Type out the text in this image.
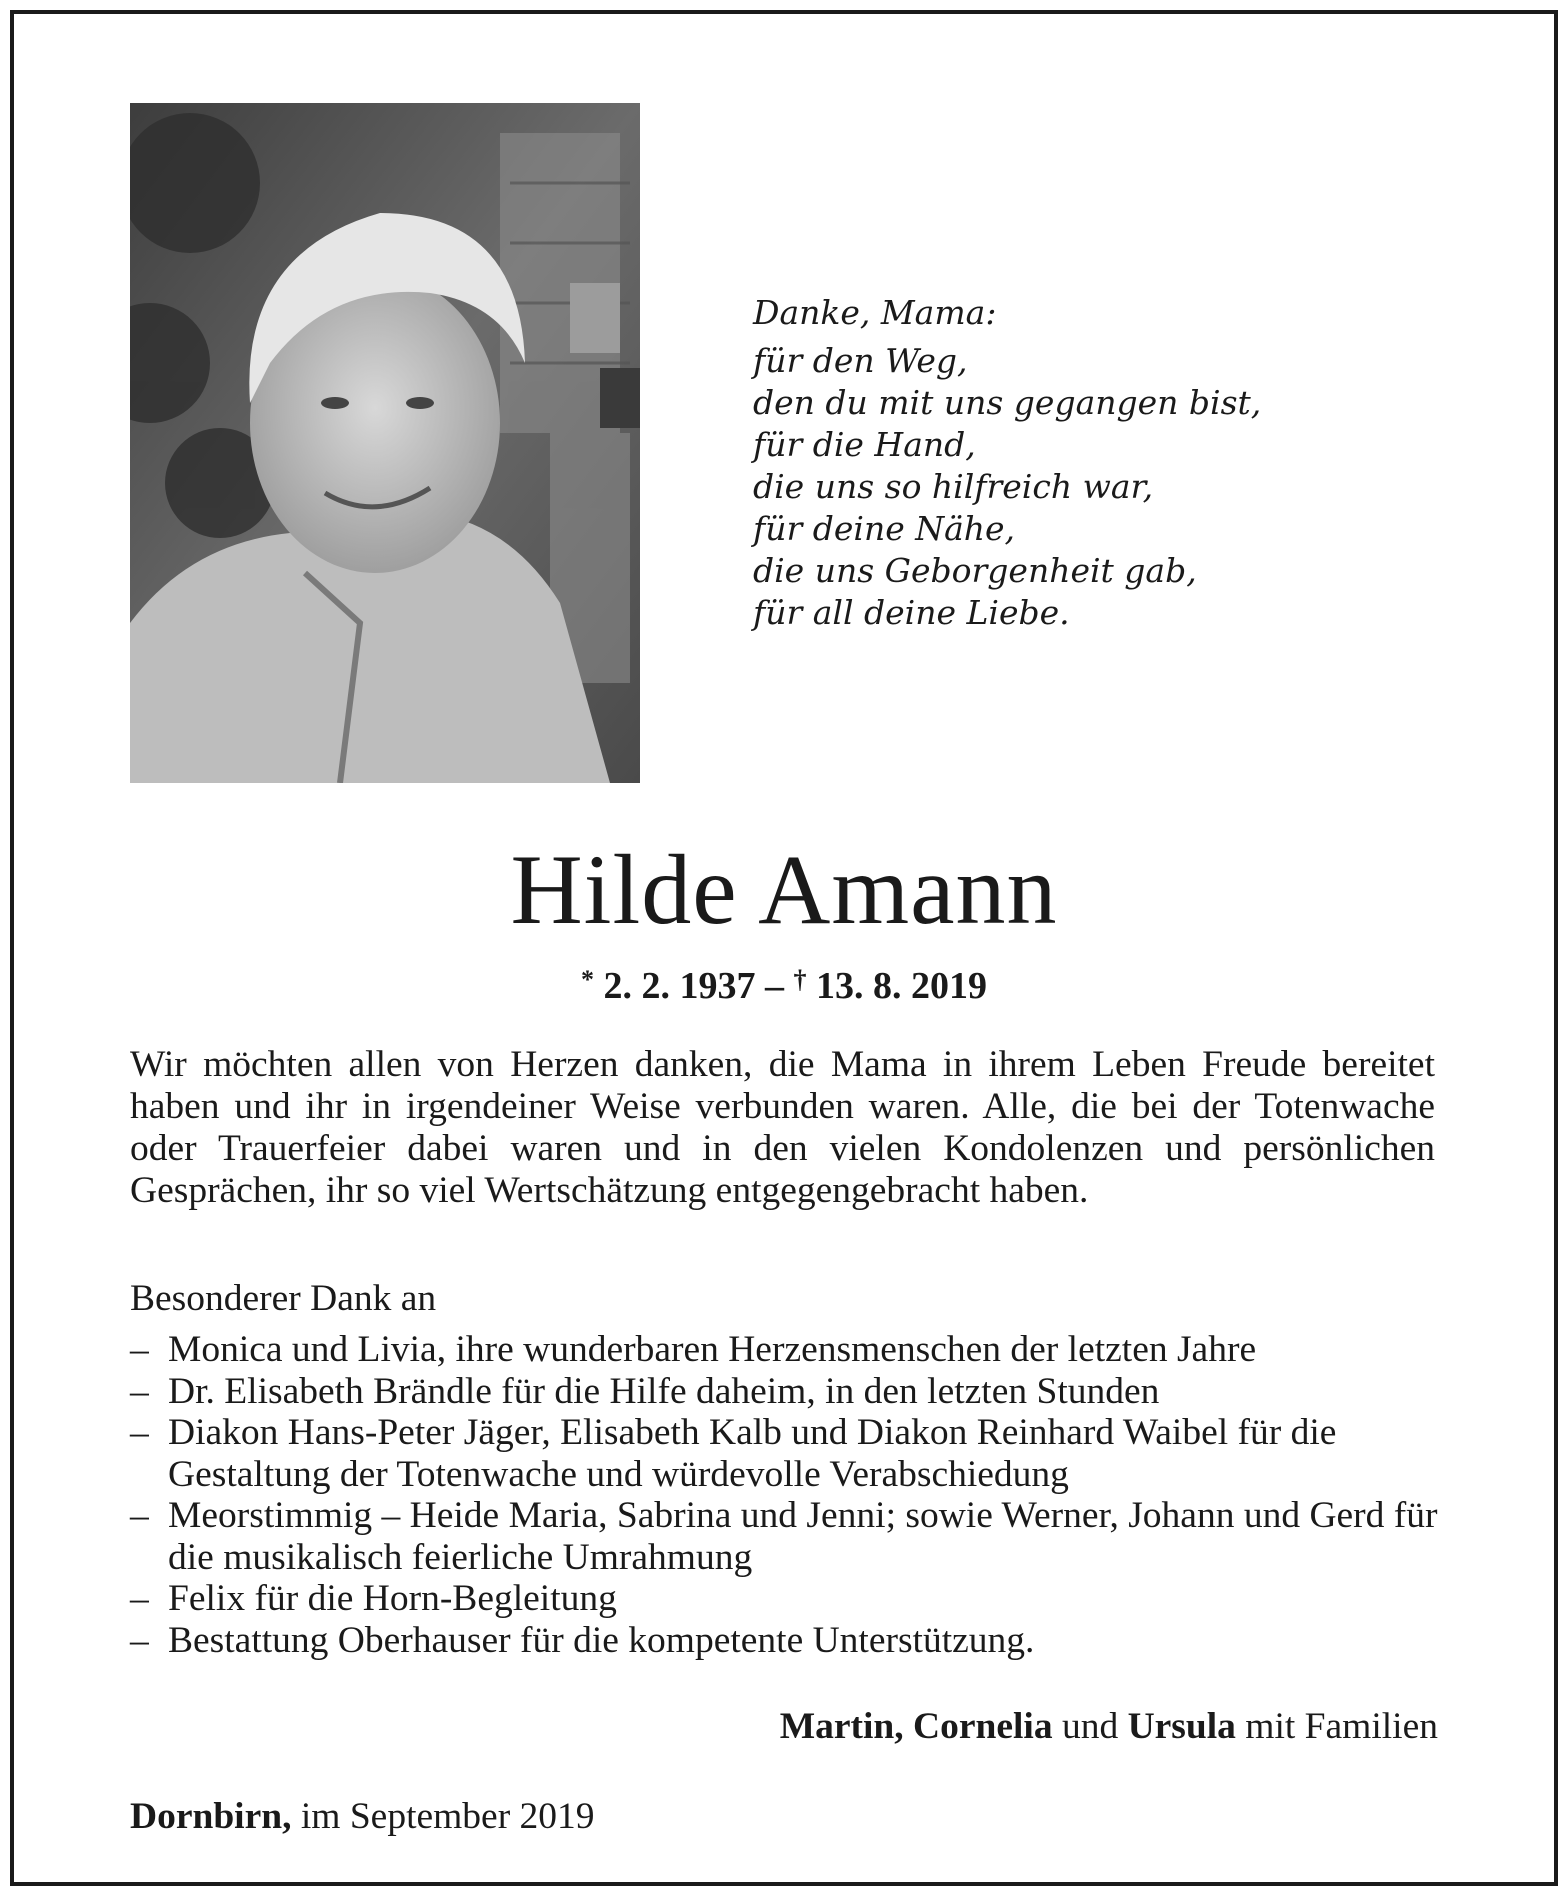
Danke, Mama:
für den Weg,
den du mit uns gegangen bist,
für die Hand,
die uns so hilfreich war,
für deine Nähe,
die uns Geborgenheit gab,
für all deine Liebe.
Hilde Amann
* 2. 2. 1937 – † 13. 8. 2019
Wir möchten allen von Herzen danken, die Mama in ihrem Leben Freude bereitet haben und ihr in irgendeiner Weise verbunden waren. Alle, die bei der Totenwache oder Trauerfeier dabei waren und in den vielen Kondolenzen und persönlichen Gesprächen, ihr so viel Wertschätzung entgegengebracht haben.
Besonderer Dank an
– Monica und Livia, ihre wunderbaren Herzensmenschen der letzten Jahre
– Dr. Elisabeth Brändle für die Hilfe daheim, in den letzten Stunden
– Diakon Hans-Peter Jäger, Elisabeth Kalb und Diakon Reinhard Waibel für die Gestaltung der Totenwache und würdevolle Verabschiedung
– Meorstimmig – Heide Maria, Sabrina und Jenni; sowie Werner, Johann und Gerd für die musikalisch feierliche Umrahmung
– Felix für die Horn-Begleitung
– Bestattung Oberhauser für die kompetente Unterstützung.
Martin, Cornelia und Ursula mit Familien
Dornbirn, im September 2019
